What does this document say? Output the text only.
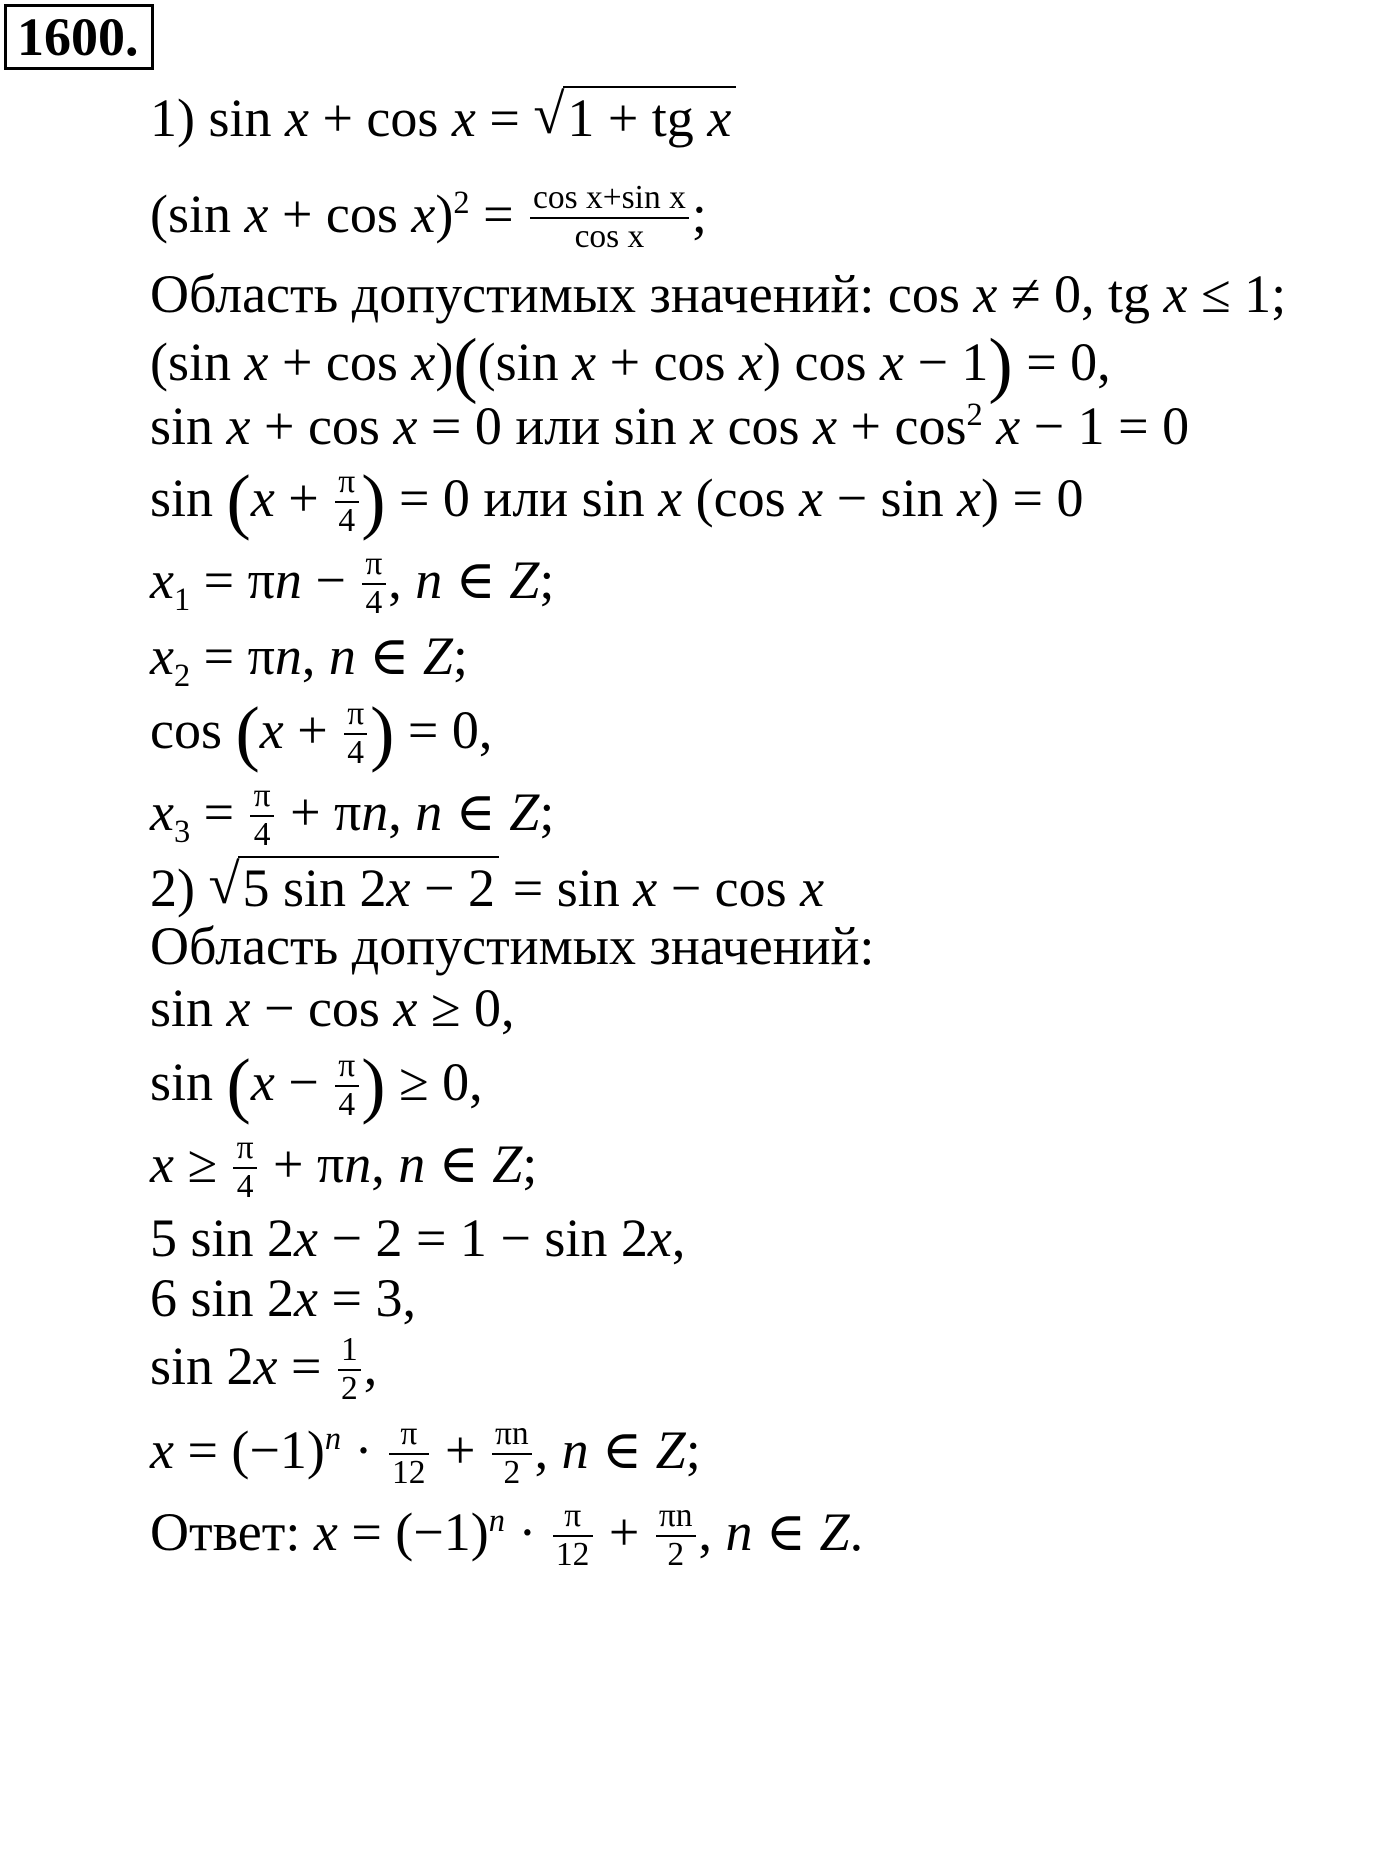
1600.
1) sin x + cos x = √ 1 + tg x
(sin $x + \cos x)^2 = \frac{\text{cos x+sin x}}{\text{cos x}}$ ;
Область допустимых значений: cos x ≠ 0, tg x ≤ 1;
(sin x + cos x)((sin x + cos x) cos x − 1) = 0,
sin x + cos x = 0 или sin x $\cos x + \cos^2 x - 1 = 0$
$\sin (x + \frac{\pi}{4}$ ) = 0 или sin x (cos x − sin x) = 0
$x_1 = \pi n - \frac{\pi}{4}$ , n ∈ Z;
$x_2 = \pi n$, n ∈ Z;
$\cos (x + \frac{\pi}{4}$ ) = 0,
$x_3 = \frac{\pi}{4} + \pi n$, n ∈ Z;
2) √ 5 sin 2x − 2 = sin x − cos x
Область допустимых значений:
sin x − cos x ≥ 0,
$\sin (x - \frac{\pi}{4}$ ) ≥ 0,
$x \ge \frac{\pi}{4} + \pi n$, n ∈ Z;
5 sin 2x − 2 = 1 − sin 2x,
6 sin 2x = 3,
$\sin 2x = \frac{1}{2}$ ,
$x = (-1)^n \cdot \frac{\pi}{12} + \frac{\pi n}{2}$ , n ∈ Z;
Ответ: $x = (-1)^n \cdot \frac{\pi}{12} + \frac{\pi n}{2}$ , n ∈ Z.
